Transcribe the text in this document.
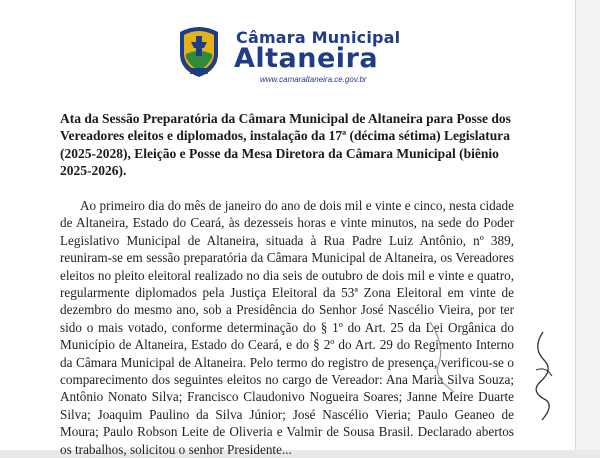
Câmara Municipal
Altaneira
www.camaraltaneira.ce.gov.br

Ata da Sessão Preparatória da Câmara Municipal de Altaneira para Posse dos Vereadores eleitos e diplomados, instalação da 17ª (décima sétima) Legislatura (2025-2028), Eleição e Posse da Mesa Diretora da Câmara Municipal (biênio 2025-2026).

Ao primeiro dia do mês de janeiro do ano de dois mil e vinte e cinco, nesta cidade de Altaneira, Estado do Ceará, às dezesseis horas e vinte minutos, na sede do Poder Legislativo Municipal de Altaneira, situada à Rua Padre Luiz Antônio, nº 389, reuniram-se em sessão preparatória da Câmara Municipal de Altaneira, os Vereadores eleitos no pleito eleitoral realizado no dia seis de outubro de dois mil e vinte e quatro, regularmente diplomados pela Justiça Eleitoral da 53ª Zona Eleitoral em vinte de dezembro do mesmo ano, sob a Presidência do Senhor José Nascélio Vieira, por ter sido o mais votado, conforme determinação do § 1º do Art. 25 da Lei Orgânica do Município de Altaneira, Estado do Ceará, e do § 2º do Art. 29 do Regimento Interno da Câmara Municipal de Altaneira. Pelo termo do registro de presença, verificou-se o comparecimento dos seguintes eleitos no cargo de Vereador: Ana Maria Silva Souza; Antônio Nonato Silva; Francisco Claudonivo Nogueira Soares; Janne Meire Duarte Silva; Joaquim Paulino da Silva Júnior; José Nascélio Vieria; Paulo Geaneo de Moura; Paulo Robson Leite de Oliveria e Valmir de Sousa Brasil. Declarado abertos os trabalhos, solicitou o senhor Presidente...
